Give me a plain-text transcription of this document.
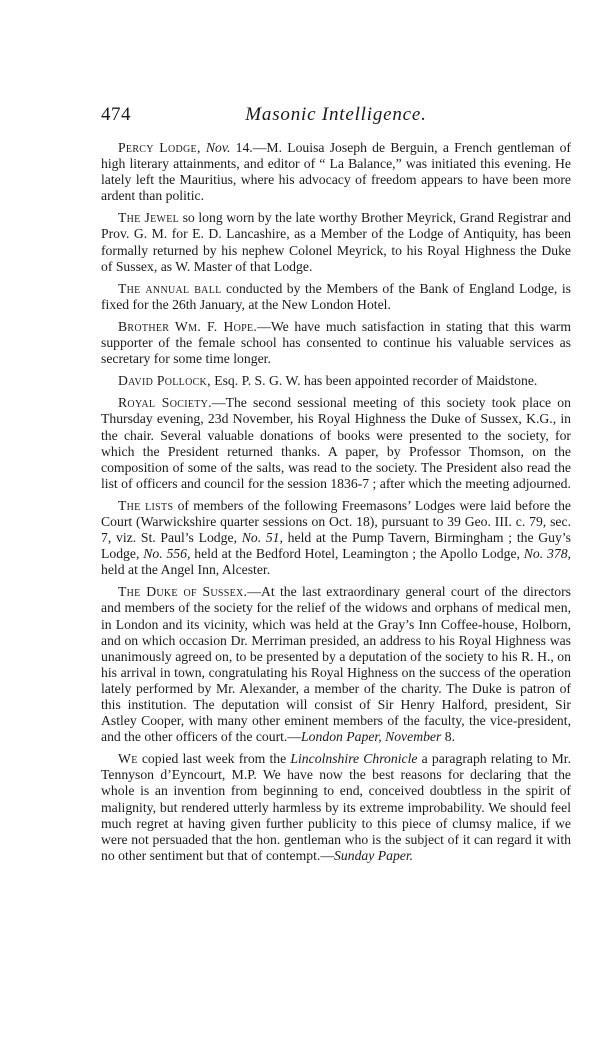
474	Masonic Intelligence.

Percy Lodge, Nov. 14.—M. Louisa Joseph de Berguin, a French gentleman of high literary attainments, and editor of “ La Balance,” was initiated this evening. He lately left the Mauritius, where his advocacy of freedom appears to have been more ardent than politic.

The Jewel so long worn by the late worthy Brother Meyrick, Grand Registrar and Prov. G. M. for E. D. Lancashire, as a Member of the Lodge of Antiquity, has been formally returned by his nephew Colonel Meyrick, to his Royal Highness the Duke of Sussex, as W. Master of that Lodge.

The annual ball conducted by the Members of the Bank of England Lodge, is fixed for the 26th January, at the New London Hotel.

Brother Wm. F. Hope.—We have much satisfaction in stating that this warm supporter of the female school has consented to continue his valuable services as secretary for some time longer.

David Pollock, Esq. P. S. G. W. has been appointed recorder of Maidstone.

Royal Society.—The second sessional meeting of this society took place on Thursday evening, 23d November, his Royal Highness the Duke of Sussex, K.G., in the chair. Several valuable donations of books were presented to the society, for which the President returned thanks. A paper, by Professor Thomson, on the composition of some of the salts, was read to the society. The President also read the list of officers and council for the session 1836-7 ; after which the meeting adjourned.

The lists of members of the following Freemasons’ Lodges were laid before the Court (Warwickshire quarter sessions on Oct. 18), pursuant to 39 Geo. III. c. 79, sec. 7, viz. St. Paul’s Lodge, No. 51, held at the Pump Tavern, Birmingham ; the Guy’s Lodge, No. 556, held at the Bedford Hotel, Leamington ; the Apollo Lodge, No. 378, held at the Angel Inn, Alcester.

The Duke of Sussex.—At the last extraordinary general court of the directors and members of the society for the relief of the widows and orphans of medical men, in London and its vicinity, which was held at the Gray’s Inn Coffee-house, Holborn, and on which occasion Dr. Merriman presided, an address to his Royal Highness was unanimously agreed on, to be presented by a deputation of the society to his R. H., on his arrival in town, congratulating his Royal Highness on the success of the operation lately performed by Mr. Alexander, a member of the charity. The Duke is patron of this institution. The deputation will consist of Sir Henry Halford, president, Sir Astley Cooper, with many other eminent members of the faculty, the vice-president, and the other officers of the court.—London Paper, November 8.

We copied last week from the Lincolnshire Chronicle a paragraph relating to Mr. Tennyson d’Eyncourt, M.P. We have now the best reasons for declaring that the whole is an invention from beginning to end, conceived doubtless in the spirit of malignity, but rendered utterly harmless by its extreme improbability. We should feel much regret at having given further publicity to this piece of clumsy malice, if we were not persuaded that the hon. gentleman who is the subject of it can regard it with no other sentiment but that of contempt.—Sunday Paper.
